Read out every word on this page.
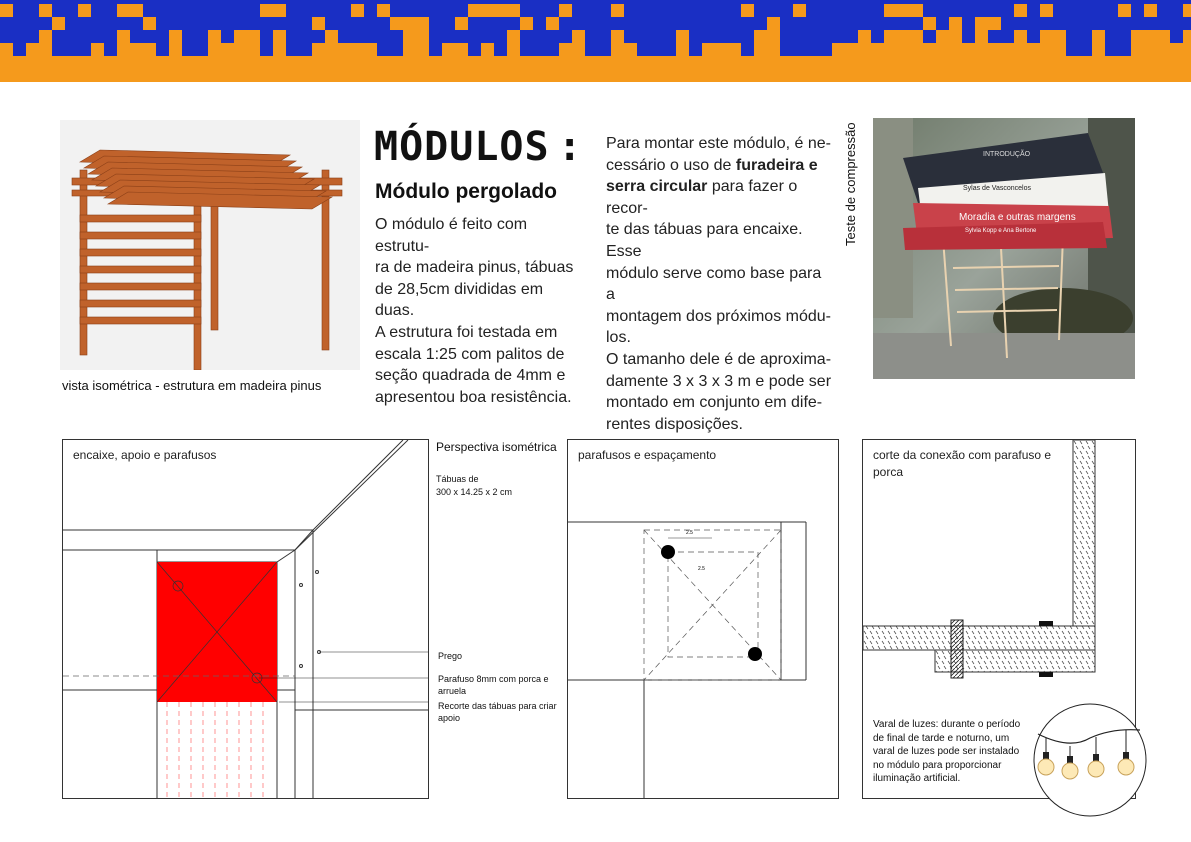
vista isométrica - estrutura em madeira pinus
MÓDULOS :
Módulo pergolado
O módulo é feito com estrutu-
ra de madeira pinus, tábuas
de 28,5cm divididas em duas.
A estrutura foi testada em
escala 1:25 com palitos de
seção quadrada de 4mm e
apresentou boa resistência.
Para montar este módulo, é ne-
cessário o uso de furadeira e
serra circular para fazer o recor-
te das tábuas para encaixe. Esse
módulo serve como base para a
montagem dos próximos módu-
los.
O tamanho dele é de aproxima-
damente 3 x 3 x 3 m e pode ser
montado em conjunto em dife-
rentes disposições.
Teste de compressão	Sylas de Vasconcelos
Moradia e outras margens
Sylvia Kopp e Ana Bertone
INTRODUÇÃO
encaixe, apoio e parafusos
Perspectiva isométrica
Tábuas de
300 x 14.25 x 2 cm
Prego
Parafuso 8mm com porca e arruela
Recorte das tábuas para criar apoio
2.5
2.5
parafusos e espaçamento	corte da conexão com parafuso e porca
Varal de luzes: durante o período de final de tarde e noturno, um varal de luzes pode ser instalado no módulo para proporcionar iluminação artificial.
